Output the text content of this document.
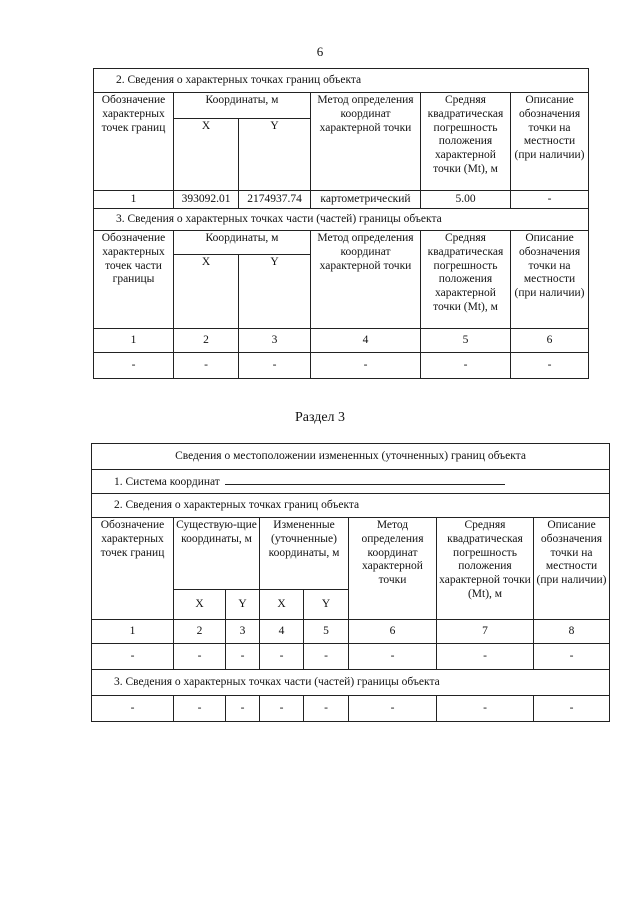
6
2. Сведения о характерных точках границ объекта					
Обозначение характерных точек границ	Координаты, м		Метод определения координат характерной точки	Средняя квадратическая погрешность положения характерной точки (Mt), м	Описание обозначения точки на местности (при наличии)
	X	Y			
1	393092.01	2174937.74	картометрический	5.00	-
3. Сведения о характерных точках части (частей) границы объекта					
Обозначение характерных точек части границы	Координаты, м		Метод определения координат характерной точки	Средняя квадратическая погрешность положения характерной точки (Mt), м	Описание обозначения точки на местности (при наличии)
	X	Y			
1	2	3	4	5	6
-	-	-	-	-	-
Раздел 3
Сведения о местоположении измененных (уточненных) границ объекта							
1. Система координат							
2. Сведения о характерных точках границ объекта							
Обозначение характерных точек границ	Существую-щие координаты, м		Измененные (уточненные) координаты, м		Метод определения координат характерной точки	Средняя квадратическая погрешность положения характерной точки (Mt), м	Описание обозначения точки на местности (при наличии)
	X	Y	X	Y			
1	2	3	4	5	6	7	8
-	-	-	-	-	-	-	-
3. Сведения о характерных точках части (частей) границы объекта							
-	-	-	-	-	-	-	-
